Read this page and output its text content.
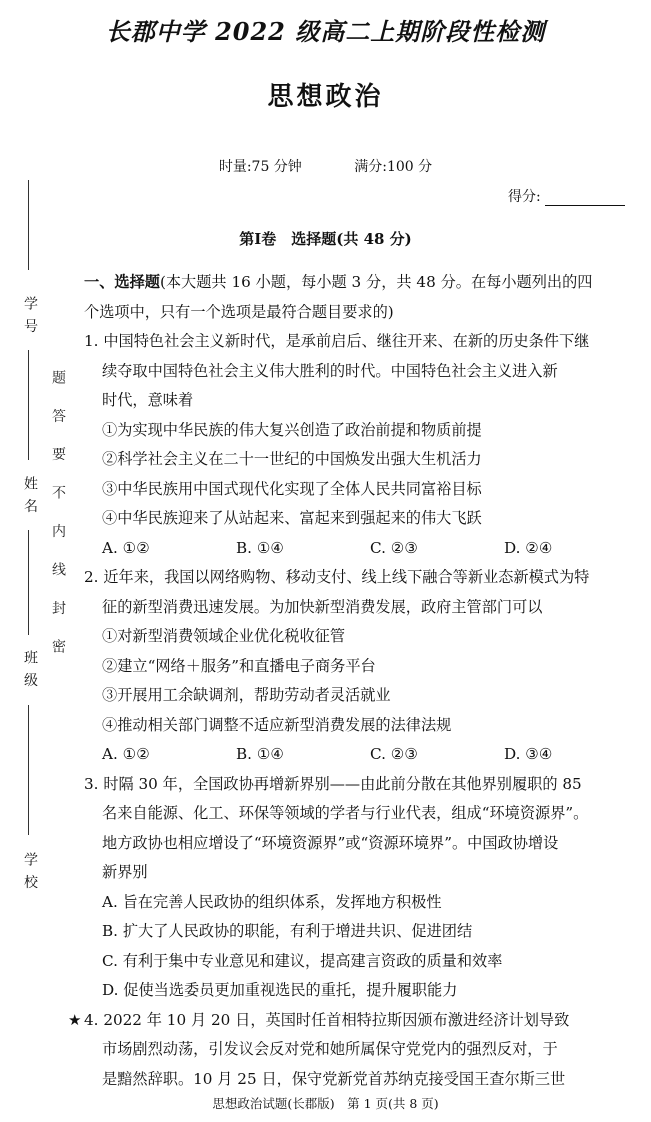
学 号
姓 名
班 级
学 校
题 答 要 不 内 线 封 密
长郡中学 2022 级高二上期阶段性检测
思想政治
时量:75 分钟	满分:100 分
得分:
第Ⅰ卷　选择题(共 48 分)
一、选择题(本大题共 16 小题，每小题 3 分，共 48 分。在每小题列出的四
个选项中，只有一个选项是最符合题目要求的)
1. 中国特色社会主义新时代，是承前启后、继往开来、在新的历史条件下继
续夺取中国特色社会主义伟大胜利的时代。中国特色社会主义进入新
时代，意味着
①为实现中华民族的伟大复兴创造了政治前提和物质前提
②科学社会主义在二十一世纪的中国焕发出强大生机活力
③中华民族用中国式现代化实现了全体人民共同富裕目标
④中华民族迎来了从站起来、富起来到强起来的伟大飞跃
A. ①②	B. ①④	C. ②③	D. ②④
2. 近年来，我国以网络购物、移动支付、线上线下融合等新业态新模式为特
征的新型消费迅速发展。为加快新型消费发展，政府主管部门可以
①对新型消费领域企业优化税收征管
②建立“网络＋服务”和直播电子商务平台
③开展用工余缺调剂，帮助劳动者灵活就业
④推动相关部门调整不适应新型消费发展的法律法规
A. ①②	B. ①④	C. ②③	D. ③④
3. 时隔 30 年，全国政协再增新界别——由此前分散在其他界别履职的 85
名来自能源、化工、环保等领域的学者与行业代表，组成“环境资源界”。
地方政协也相应增设了“环境资源界”或“资源环境界”。中国政协增设
新界别
A. 旨在完善人民政协的组织体系，发挥地方积极性
B. 扩大了人民政协的职能，有利于增进共识、促进团结
C. 有利于集中专业意见和建议，提高建言资政的质量和效率
D. 促使当选委员更加重视选民的重托，提升履职能力
★ 4. 2022 年 10 月 20 日，英国时任首相特拉斯因颁布激进经济计划导致
市场剧烈动荡，引发议会反对党和她所属保守党党内的强烈反对，于
是黯然辞职。10 月 25 日，保守党新党首苏纳克接受国王查尔斯三世
思想政治试题(长郡版)　第 1 页(共 8 页)
